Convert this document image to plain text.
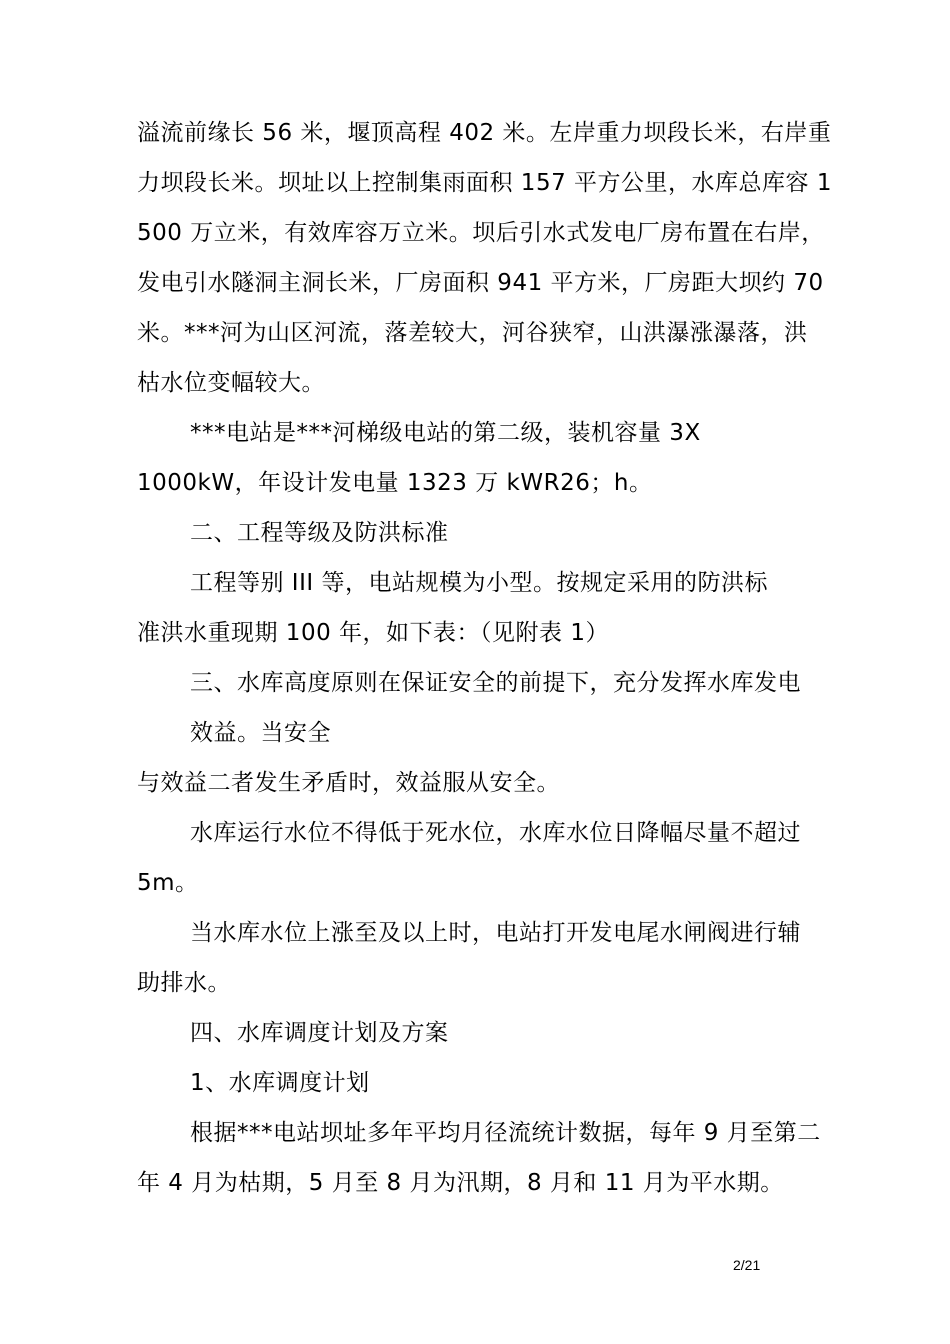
溢流前缘长 56 米，堰顶高程 402 米。左岸重力坝段长米，右岸重
力坝段长米。坝址以上控制集雨面积 157 平方公里，水库总库容 1
500 万立米，有效库容万立米。坝后引水式发电厂房布置在右岸，
发电引水隧洞主洞长米，厂房面积 941 平方米，厂房距大坝约 70
米。***河为山区河流，落差较大，河谷狭窄，山洪瀑涨瀑落，洪
枯水位变幅较大。
***电站是***河梯级电站的第二级，装机容量 3X
1000kW，年设计发电量 1323 万 kWR26；h。
二、工程等级及防洪标准
工程等别 III 等，电站规模为小型。按规定采用的防洪标
准洪水重现期 100 年，如下表：（见附表 1）
三、水库高度原则在保证安全的前提下，充分发挥水库发电
效益。当安全
与效益二者发生矛盾时，效益服从安全。
水库运行水位不得低于死水位，水库水位日降幅尽量不超过
5m。
当水库水位上涨至及以上时，电站打开发电尾水闸阀进行辅
助排水。
四、水库调度计划及方案
1、水库调度计划
根据***电站坝址多年平均月径流统计数据，每年 9 月至第二
年 4 月为枯期，5 月至 8 月为汛期，8 月和 11 月为平水期。
2/21
